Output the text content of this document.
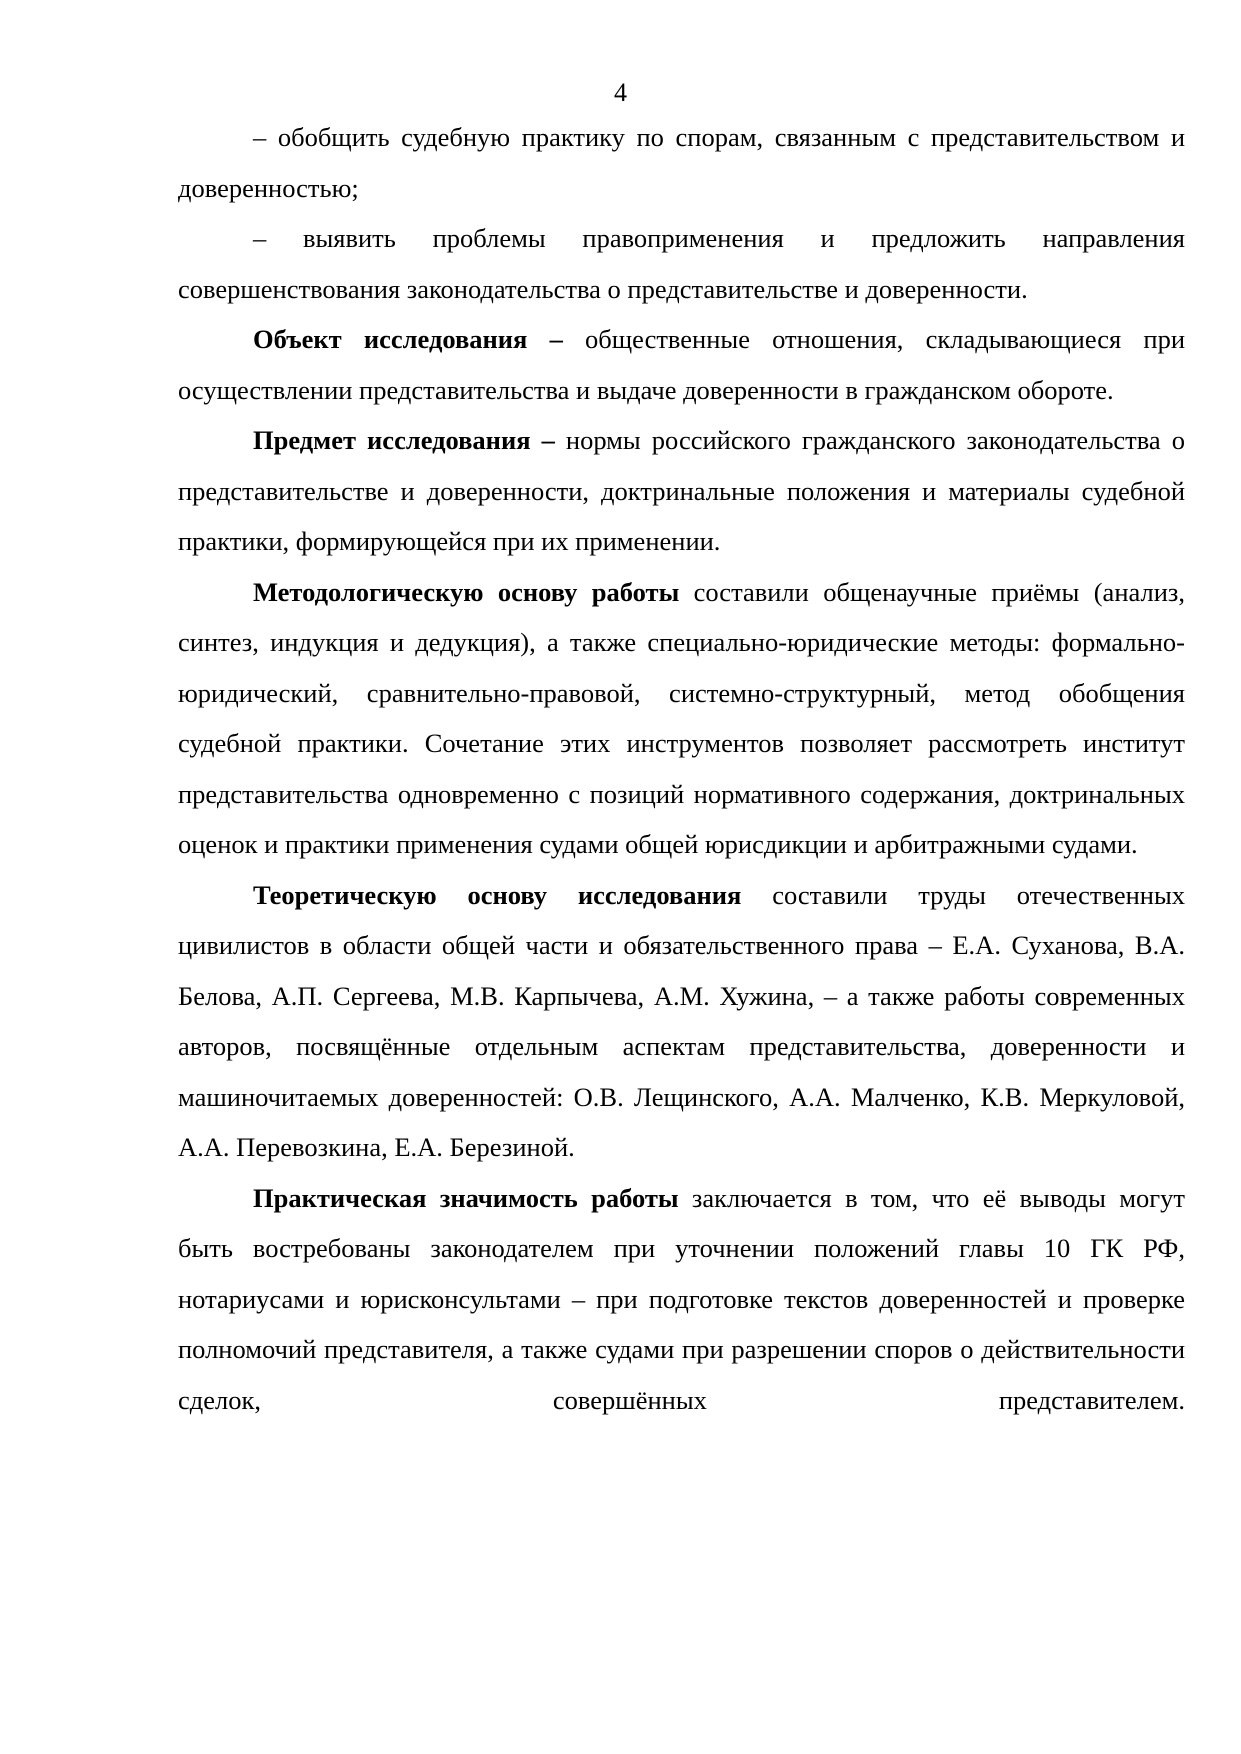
4

– обобщить судебную практику по спорам, связанным с представительством и доверенностью;

– выявить проблемы правоприменения и предложить направления совершенствования законодательства о представительстве и доверенности.

Объект исследования – общественные отношения, складывающиеся при осуществлении представительства и выдаче доверенности в гражданском обороте.

Предмет исследования – нормы российского гражданского законодательства о представительстве и доверенности, доктринальные положения и материалы судебной практики, формирующейся при их применении.

Методологическую основу работы составили общенаучные приёмы (анализ, синтез, индукция и дедукция), а также специально-юридические методы: формально-юридический, сравнительно-правовой, системно-структурный, метод обобщения судебной практики. Сочетание этих инструментов позволяет рассмотреть институт представительства одновременно с позиций нормативного содержания, доктринальных оценок и практики применения судами общей юрисдикции и арбитражными судами.

Теоретическую основу исследования составили труды отечественных цивилистов в области общей части и обязательственного права – Е.А. Суханова, В.А. Белова, А.П. Сергеева, М.В. Карпычева, А.М. Хужина, – а также работы современных авторов, посвящённые отдельным аспектам представительства, доверенности и машиночитаемых доверенностей: О.В. Лещинского, А.А. Малченко, К.В. Меркуловой, А.А. Перевозкина, Е.А. Березиной.

Практическая значимость работы заключается в том, что её выводы могут быть востребованы законодателем при уточнении положений главы 10 ГК РФ, нотариусами и юрисконсультами – при подготовке текстов доверенностей и проверке полномочий представителя, а также судами при разрешении споров о действительности сделок, совершённых представителем.
